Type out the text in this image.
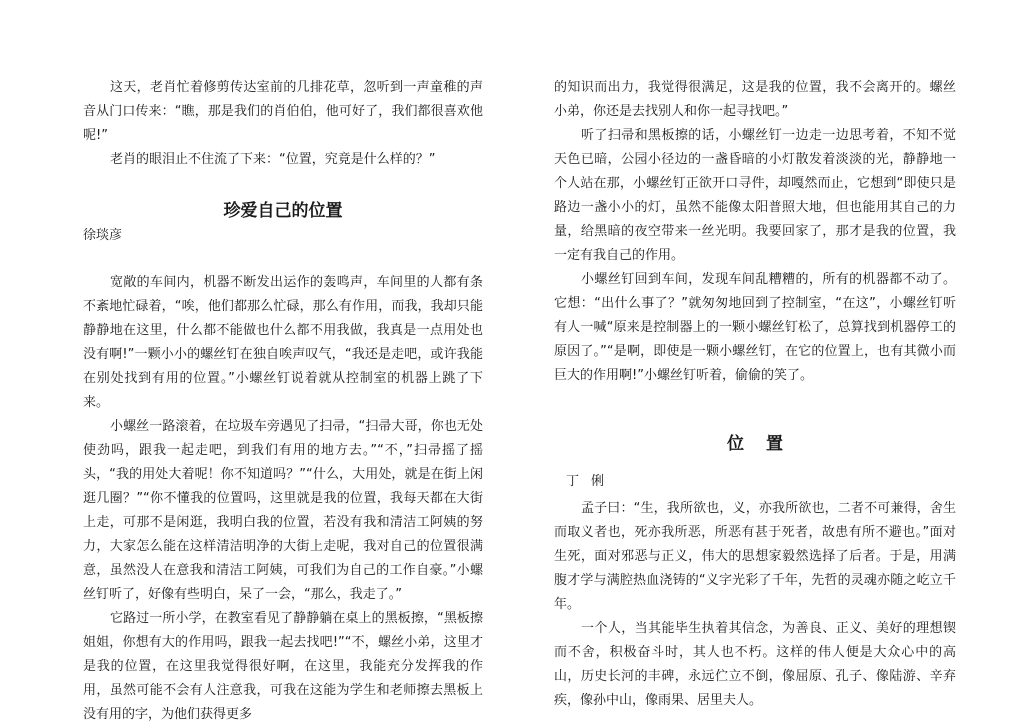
这天，老肖忙着修剪传达室前的几排花草，忽听到一声童稚的声音从门口传来：“瞧，那是我们的肖伯伯，他可好了，我们都很喜欢他呢!”

老肖的眼泪止不住流了下来：“位置，究竟是什么样的？”

珍爱自己的位置

徐琰彦

宽敞的车间内，机器不断发出运作的轰鸣声，车间里的人都有条不紊地忙碌着，“唉，他们都那么忙碌，那么有作用，而我，我却只能静静地在这里，什么都不能做也什么都不用我做，我真是一点用处也没有啊!”一颗小小的螺丝钉在独自唉声叹气，“我还是走吧，或许我能在别处找到有用的位置。”小螺丝钉说着就从控制室的机器上跳了下来。

小螺丝一路滚着，在垃圾车旁遇见了扫帚，“扫帚大哥，你也无处使劲吗，跟我一起走吧，到我们有用的地方去。”“不，”扫帚摇了摇头，“我的用处大着呢！你不知道吗？”“什么，大用处，就是在街上闲逛几圈？”“你不懂我的位置吗，这里就是我的位置，我每天都在大街上走，可那不是闲逛，我明白我的位置，若没有我和清洁工阿姨的努力，大家怎么能在这样清洁明净的大街上走呢，我对自己的位置很满意，虽然没人在意我和清洁工阿姨，可我们为自己的工作自豪。”小螺丝钉听了，好像有些明白，呆了一会，“那么，我走了。”

它路过一所小学，在教室看见了静静躺在桌上的黑板擦，“黑板擦姐姐，你想有大的作用吗，跟我一起去找吧!”“不，螺丝小弟，这里才是我的位置，在这里我觉得很好啊，在这里，我能充分发挥我的作用，虽然可能不会有人注意我，可我在这能为学生和老师擦去黑板上没有用的字，为他们获得更多

的知识而出力，我觉得很满足，这是我的位置，我不会离开的。螺丝小弟，你还是去找别人和你一起寻找吧。”

听了扫帚和黑板擦的话，小螺丝钉一边走一边思考着，不知不觉天色已暗，公园小径边的一盏昏暗的小灯散发着淡淡的光，静静地一个人站在那，小螺丝钉正欲开口寻件，却嘎然而止，它想到“即使只是路边一盏小小的灯，虽然不能像太阳普照大地，但也能用其自己的力量，给黑暗的夜空带来一丝光明。我要回家了，那才是我的位置，我一定有我自己的作用。

小螺丝钉回到车间，发现车间乱糟糟的，所有的机器都不动了。它想：“出什么事了？”就匆匆地回到了控制室，“在这”，小螺丝钉听有人一喊“原来是控制器上的一颗小螺丝钉松了，总算找到机器停工的原因了。”“是啊，即使是一颗小螺丝钉，在它的位置上，也有其微小而巨大的作用啊!”小螺丝钉听着，偷偷的笑了。

位置

丁俐

孟子曰：“生，我所欲也，义，亦我所欲也，二者不可兼得，舍生而取义者也，死亦我所恶，所恶有甚于死者，故患有所不避也。”面对生死，面对邪恶与正义，伟大的思想家毅然选择了后者。于是，用满腹才学与满腔热血浇铸的“义字光彩了千年，先哲的灵魂亦随之屹立千年。

一个人，当其能毕生执着其信念，为善良、正义、美好的理想锲而不舍，积极奋斗时，其人也不朽。这样的伟人便是大众心中的高山，历史长河的丰碑，永远伫立不倒，像屈原、孔子、像陆游、辛弃疾，像孙中山，像雨果、居里夫人。
